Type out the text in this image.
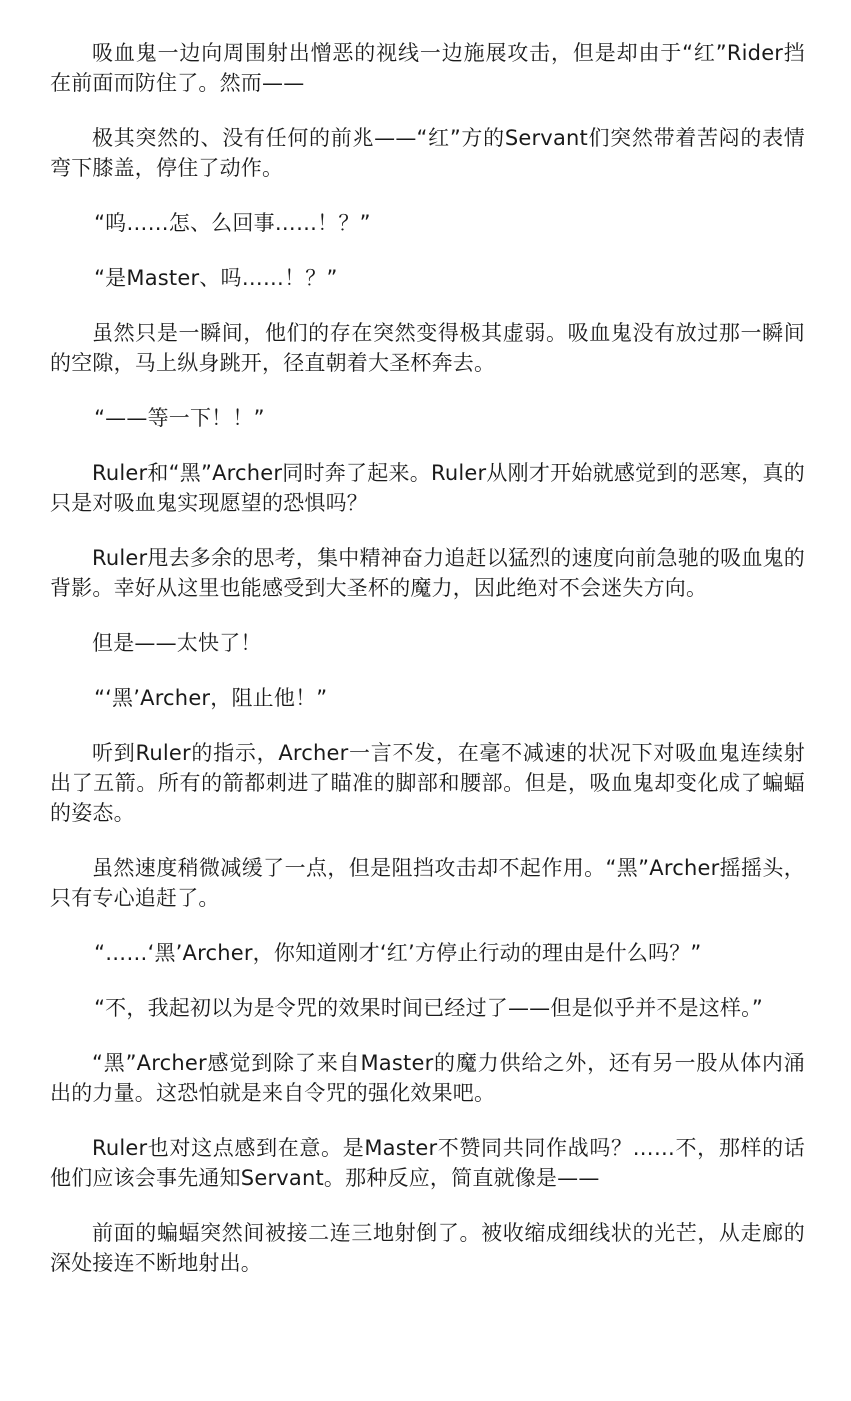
吸血鬼一边向周围射出憎恶的视线一边施展攻击，但是却由于“红”Rider挡在前面而防住了。然而——

极其突然的、没有任何的前兆——“红”方的Servant们突然带着苦闷的表情弯下膝盖，停住了动作。

“呜……怎、么回事……！？”

“是Master、吗……！？”

虽然只是一瞬间，他们的存在突然变得极其虚弱。吸血鬼没有放过那一瞬间的空隙，马上纵身跳开，径直朝着大圣杯奔去。

“——等一下！！”

Ruler和“黑”Archer同时奔了起来。Ruler从刚才开始就感觉到的恶寒，真的只是对吸血鬼实现愿望的恐惧吗？

Ruler甩去多余的思考，集中精神奋力追赶以猛烈的速度向前急驰的吸血鬼的背影。幸好从这里也能感受到大圣杯的魔力，因此绝对不会迷失方向。

但是——太快了！

“‘黑’Archer，阻止他！”

听到Ruler的指示，Archer一言不发，在毫不减速的状况下对吸血鬼连续射出了五箭。所有的箭都刺进了瞄准的脚部和腰部。但是，吸血鬼却变化成了蝙蝠的姿态。

虽然速度稍微减缓了一点，但是阻挡攻击却不起作用。“黑”Archer摇摇头，只有专心追赶了。

“……‘黑’Archer，你知道刚才‘红’方停止行动的理由是什么吗？”

“不，我起初以为是令咒的效果时间已经过了——但是似乎并不是这样。”

“黑”Archer感觉到除了来自Master的魔力供给之外，还有另一股从体内涌出的力量。这恐怕就是来自令咒的强化效果吧。

Ruler也对这点感到在意。是Master不赞同共同作战吗？……不，那样的话他们应该会事先通知Servant。那种反应，简直就像是——

前面的蝙蝠突然间被接二连三地射倒了。被收缩成细线状的光芒，从走廊的深处接连不断地射出。
